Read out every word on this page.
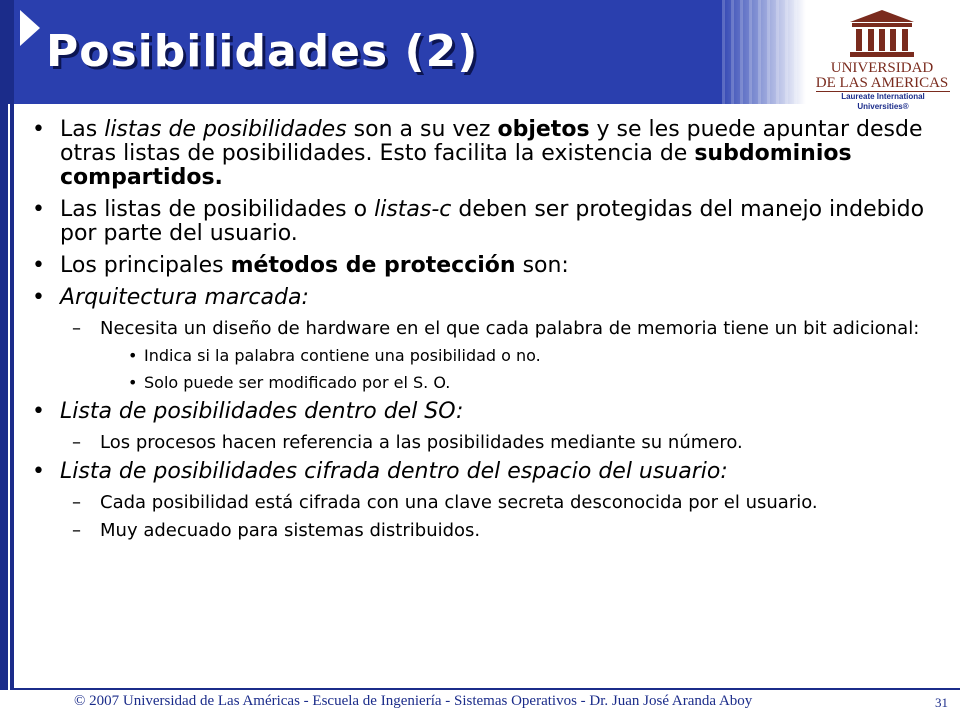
Posibilidades (2)	UNIVERSIDAD
DE LAS AMERICAS
Laureate International Universities®
• Las listas de posibilidades son a su vez objetos y se les puede apuntar desde otras listas de posibilidades. Esto facilita la existencia de subdominios compartidos.
• Las listas de posibilidades o listas-c deben ser protegidas del manejo indebido por parte del usuario.
• Los principales métodos de protección son:
• Arquitectura marcada:
– Necesita un diseño de hardware en el que cada palabra de memoria tiene un bit adicional:
• Indica si la palabra contiene una posibilidad o no.
• Solo puede ser modificado por el S. O.
• Lista de posibilidades dentro del SO:
– Los procesos hacen referencia a las posibilidades mediante su número.
• Lista de posibilidades cifrada dentro del espacio del usuario:
– Cada posibilidad está cifrada con una clave secreta desconocida por el usuario.
– Muy adecuado para sistemas distribuidos.
© 2007 Universidad de Las Américas - Escuela de Ingeniería - Sistemas Operativos - Dr. Juan José Aranda Aboy	31
